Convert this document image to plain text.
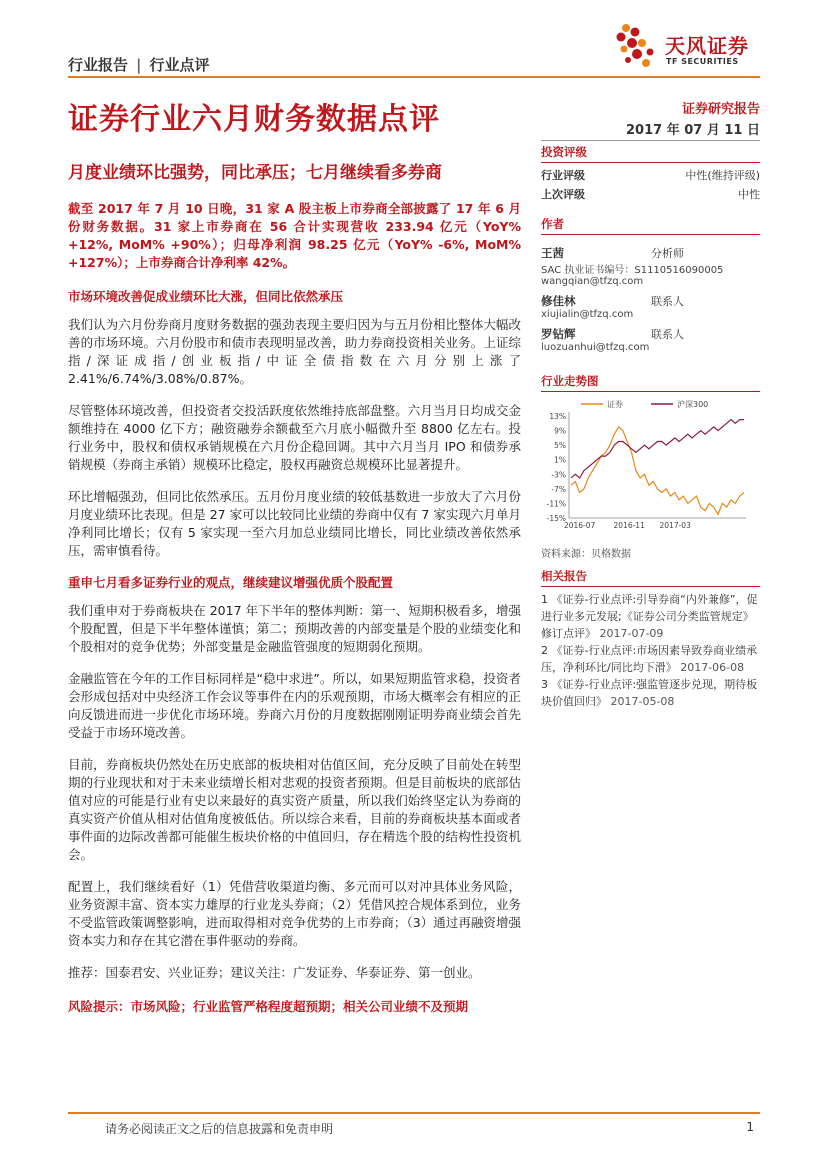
行业报告 | 行业点评
天风证券
TF SECURITIES
证券行业六月财务数据点评	证券研究报告
2017 年 07 月 11 日
月度业绩环比强势，同比承压；七月继续看多券商

截至 2017 年 7 月 10 日晚，31 家 A 股主板上市券商全部披露了 17 年 6 月份财务数据。31 家上市券商在 56 合计实现营收 233.94 亿元（YoY% +12%, MoM% +90%）；归母净利润 98.25 亿元（YoY% -6%, MoM% +127%）；上市券商合计净利率 42%。

市场环境改善促成业绩环比大涨，但同比依然承压

我们认为六月份券商月度财务数据的强劲表现主要归因为与五月份相比整体大幅改善的市场环境。六月份股市和债市表现明显改善，助力券商投资相关业务。上证综指/深证成指/创业板指/中证全债指数在六月分别上涨了 2.41%/6.74%/3.08%/0.87%。

尽管整体环境改善，但投资者交投活跃度依然维持底部盘整。六月当月日均成交金额维持在 4000 亿下方；融资融券余额截至六月底小幅微升至 8800 亿左右。投行业务中，股权和债权承销规模在六月份企稳回调。其中六月当月 IPO 和债券承销规模（券商主承销）规模环比稳定，股权再融资总规模环比显著提升。

环比增幅强劲，但同比依然承压。五月份月度业绩的较低基数进一步放大了六月份月度业绩环比表现。但是 27 家可以比较同比业绩的券商中仅有 7 家实现六月单月净利同比增长；仅有 5 家实现一至六月加总业绩同比增长，同比业绩改善依然承压，需审慎看待。

重申七月看多证券行业的观点，继续建议增强优质个股配置

我们重申对于券商板块在 2017 年下半年的整体判断：第一、短期积极看多，增强个股配置，但是下半年整体谨慎；第二；预期改善的内部变量是个股的业绩变化和个股相对的竞争优势；外部变量是金融监管强度的短期弱化预期。

金融监管在今年的工作目标同样是“稳中求进”。所以，如果短期监管求稳，投资者会形成包括对中央经济工作会议等事件在内的乐观预期，市场大概率会有相应的正向反馈进而进一步优化市场环境。券商六月份的月度数据刚刚证明券商业绩会首先受益于市场环境改善。

目前，券商板块仍然处在历史底部的板块相对估值区间，充分反映了目前处在转型期的行业现状和对于未来业绩增长相对悲观的投资者预期。但是目前板块的底部估值对应的可能是行业有史以来最好的真实资产质量，所以我们始终坚定认为券商的真实资产价值从相对估值角度被低估。所以综合来看，目前的券商板块基本面或者事件面的边际改善都可能催生板块价格的中值回归，存在精选个股的结构性投资机会。

配置上，我们继续看好（1）凭借营收渠道均衡、多元而可以对冲具体业务风险，业务资源丰富、资本实力雄厚的行业龙头券商；（2）凭借风控合规体系到位，业务不受监管政策调整影响，进而取得相对竞争优势的上市券商；（3）通过再融资增强资本实力和存在其它潜在事件驱动的券商。

推荐：国泰君安、兴业证券；建议关注：广发证券、华泰证券、第一创业。

风险提示：市场风险；行业监管严格程度超预期；相关公司业绩不及预期

投资评级
行业评级	中性(维持评级)
上次评级	中性
作者
王茜	分析师
SAC 执业证书编号：S1110516090005
wangqian@tfzq.com
修佳林	联系人
xiujialin@tfzq.com
罗钻辉	联系人
luozuanhui@tfzq.com
行业走势图
证券	沪深300
13%
9%
5%
1%
-3%
-7%
-11%
-15%
2016-07 2016-11 2017-03
资料来源：贝格数据
相关报告
1 《证券-行业点评:引导券商“内外兼修”，促进行业多元发展;《证券公司分类监管规定》修订点评》 2017-07-09
2 《证券-行业点评:市场因素导致券商业绩承压，净利环比/同比均下滑》 2017-06-08
3 《证券-行业点评:强监管逐步兑现，期待板块价值回归》 2017-05-08
请务必阅读正文之后的信息披露和免责申明	1
